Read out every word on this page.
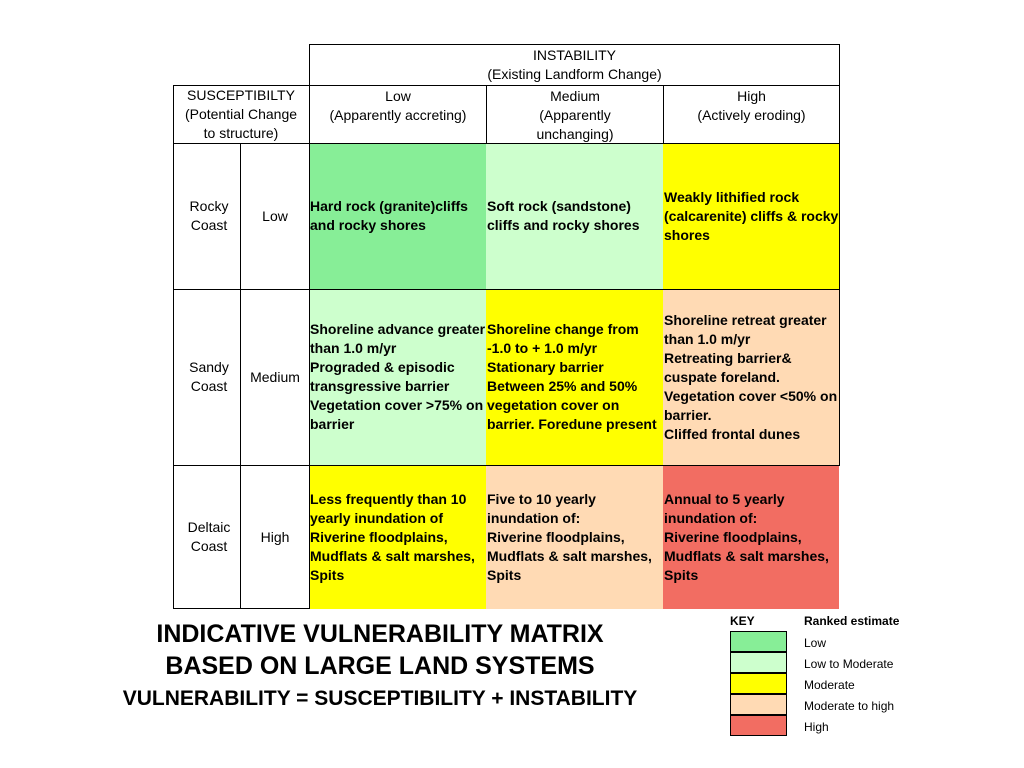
INSTABILITY
(Existing Landform Change)
SUSCEPTIBILTY
(Potential Change
to structure)
Low
(Apparently accreting)
Medium
(Apparently unchanging)
High
(Actively eroding)
Rocky Coast
Low
Hard rock (granite)cliffs and rocky shores
Soft rock (sandstone) cliffs and rocky shores
Weakly lithified rock (calcarenite) cliffs & rocky shores
Sandy Coast
Medium
Shoreline advance greater than 1.0 m/yr
Prograded & episodic transgressive barrier
Vegetation cover >75% on barrier
Shoreline change from -1.0 to + 1.0 m/yr
Stationary barrier
Between 25% and 50% vegetation cover on barrier. Foredune present
Shoreline retreat greater than 1.0 m/yr
Retreating barrier& cuspate foreland.
Vegetation cover <50% on barrier.
Cliffed frontal dunes
Deltaic Coast
High
Less frequently than 10 yearly inundation of
Riverine floodplains, Mudflats & salt marshes, Spits
Five to 10 yearly inundation of:
Riverine floodplains, Mudflats & salt marshes, Spits
Annual to 5 yearly inundation of:
Riverine floodplains, Mudflats & salt marshes, Spits
INDICATIVE VULNERABILITY MATRIX
BASED ON LARGE LAND SYSTEMS
VULNERABILITY = SUSCEPTIBILITY + INSTABILITY
KEY	Ranked estimate
Low
Low to Moderate
Moderate
Moderate to high
High
